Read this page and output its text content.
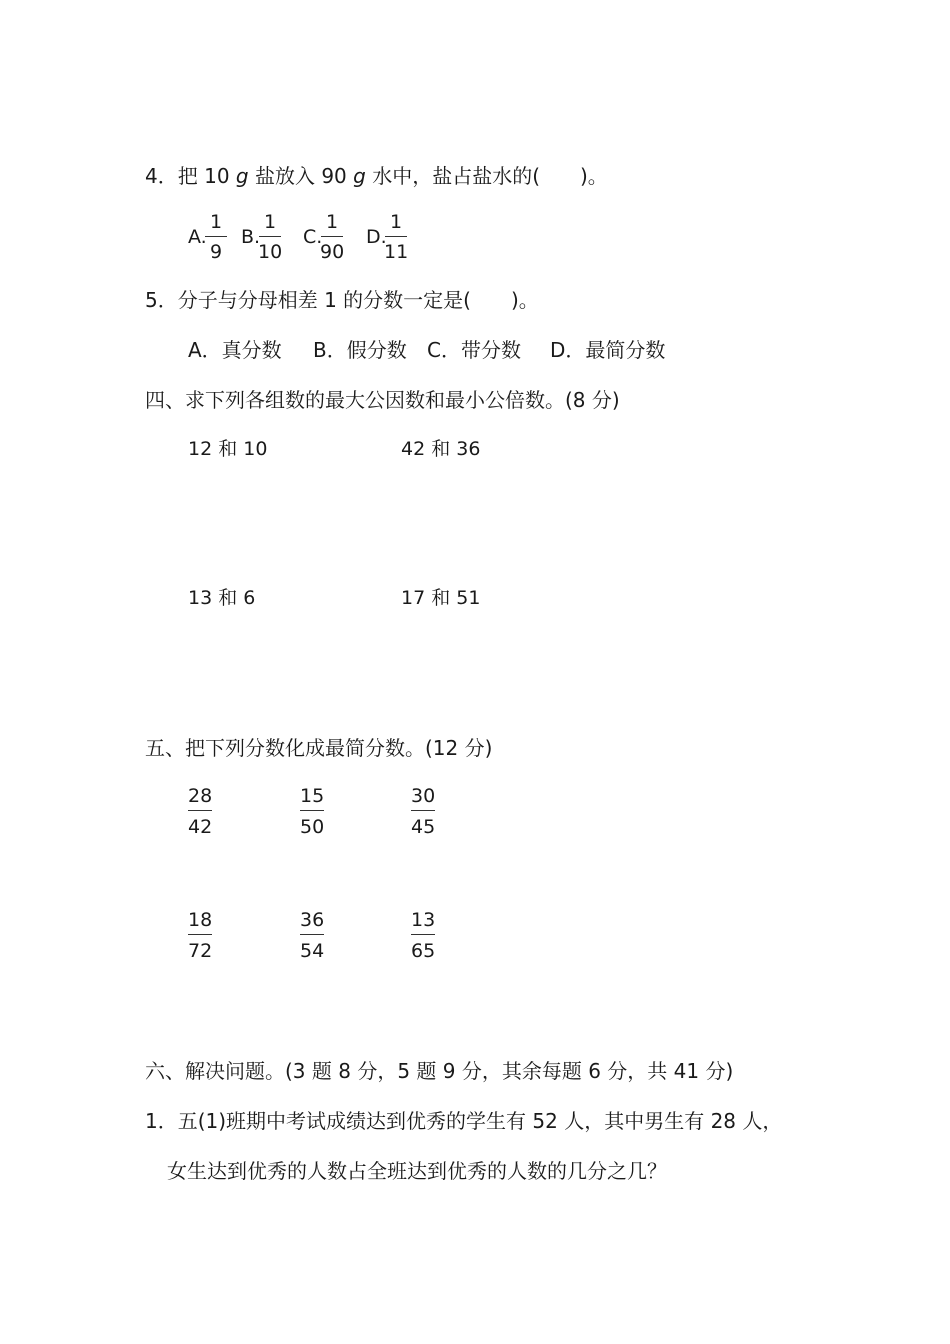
4．把 10 g 盐放入 90 g 水中，盐占盐水的(　　)。
A.
$\frac{1}{9} B$.
$\frac{1}{10} C$.
$\frac{1}{90} D$.
$\frac{1}{11}$
5．分子与分母相差 1 的分数一定是(　　)。
A．真分数 B．假分数 C．带分数 D．最简分数
四、求下列各组数的最大公因数和最小公倍数。(8 分)
12 和 10	42 和 36
13 和 6	17 和 51
五、把下列分数化成最简分数。(12 分)
$\frac{28}{42}$	$\frac{15}{50}$	$\frac{30}{45}$
$\frac{18}{72}$	$\frac{36}{54}$	$\frac{13}{65}$
六、解决问题。(3 题 8 分，5 题 9 分，其余每题 6 分，共 41 分)
1．五(1)班期中考试成绩达到优秀的学生有 52 人，其中男生有 28 人，
女生达到优秀的人数占全班达到优秀的人数的几分之几？
